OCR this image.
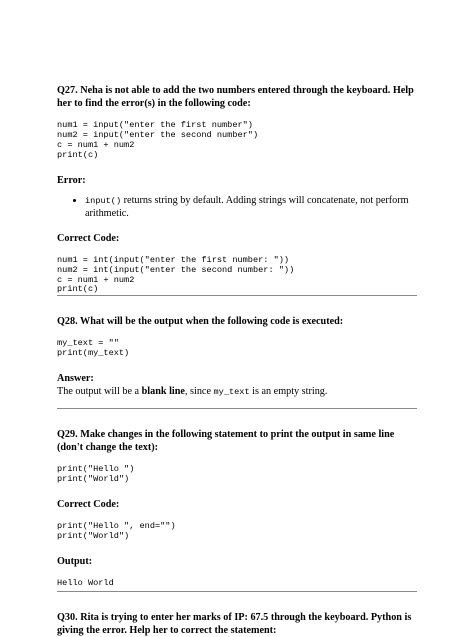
Q27. Neha is not able to add the two numbers entered through the keyboard. Help her to find the error(s) in the following code:

num1 = input("enter the first number")
num2 = input("enter the second number")
c = num1 + num2
print(c)

Error:

• input() returns string by default. Adding strings will concatenate, not perform arithmetic.

Correct Code:

num1 = int(input("enter the first number: "))
num2 = int(input("enter the second number: "))
c = num1 + num2
print(c)

Q28. What will be the output when the following code is executed:

my_text = ""
print(my_text)

Answer:

The output will be a blank line, since my_text is an empty string.

Q29. Make changes in the following statement to print the output in same line (don't change the text):

print("Hello ")
print("World")

Correct Code:

print("Hello ", end="")
print("World")

Output:

Hello World

Q30. Rita is trying to enter her marks of IP: 67.5 through the keyboard. Python is giving the error. Help her to correct the statement:
